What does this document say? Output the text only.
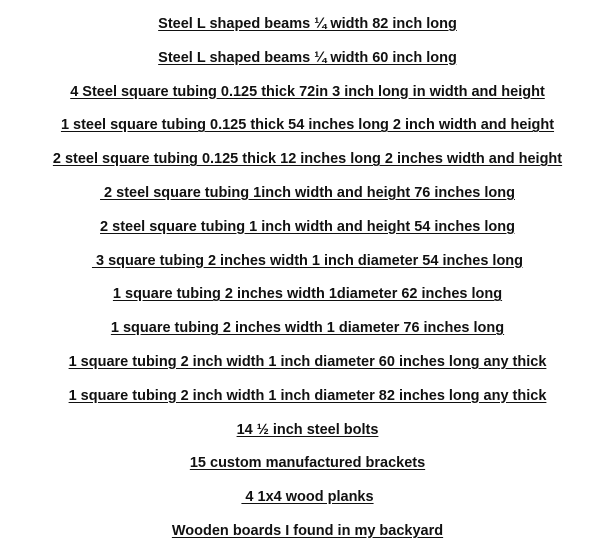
Steel L shaped beams ¼ width 82 inch long
Steel L shaped beams ¼ width 60 inch long
4 Steel square tubing 0.125 thick 72in 3 inch long in width and height
1 steel square tubing 0.125 thick 54 inches long 2 inch width and height
2 steel square tubing 0.125 thick 12 inches long 2 inches width and height
2 steel square tubing 1inch width and height 76 inches long
2 steel square tubing 1 inch width and height 54 inches long
3 square tubing 2 inches width 1 inch diameter 54 inches long
1 square tubing 2 inches width 1diameter 62 inches long
1 square tubing 2 inches width 1 diameter 76 inches long
1 square tubing 2 inch width 1 inch diameter 60 inches long any thick
1 square tubing 2 inch width 1 inch diameter 82 inches long any thick
14 ½ inch steel bolts
15 custom manufactured brackets
4 1x4 wood planks
Wooden boards I found in my backyard
